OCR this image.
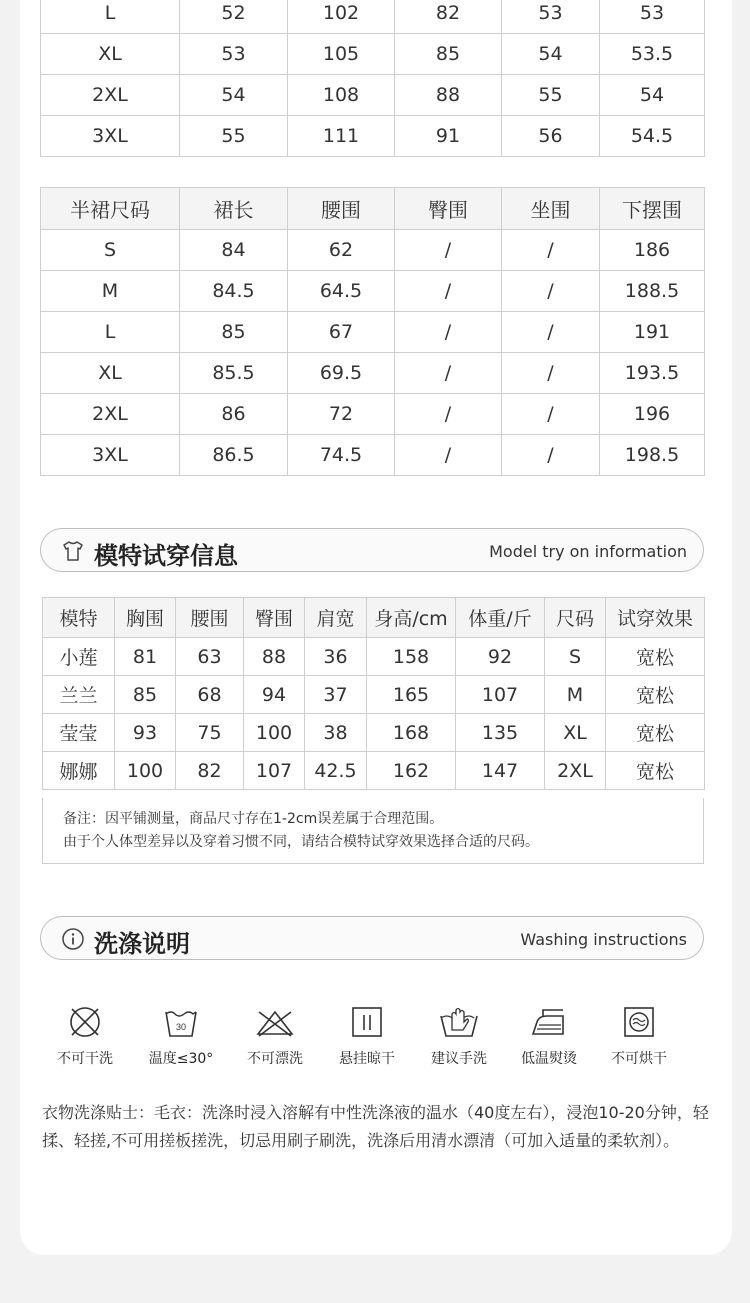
L	52	102	82	53	53
XL	53	105	85	54	53.5
2XL	54	108	88	55	54
3XL	55	111	91	56	54.5
半裙尺码	裙长	腰围	臀围	坐围	下摆围
S	84	62	/	/	186
M	84.5	64.5	/	/	188.5
L	85	67	/	/	191
XL	85.5	69.5	/	/	193.5
2XL	86	72	/	/	196
3XL	86.5	74.5	/	/	198.5
模特试穿信息	Model try on information
模特	胸围	腰围	臀围	肩宽	身高/cm	体重/斤	尺码	试穿效果
小莲	81	63	88	36	158	92	S	宽松
兰兰	85	68	94	37	165	107	M	宽松
莹莹	93	75	100	38	168	135	XL	宽松
娜娜	100	82	107	42.5	162	147	2XL	宽松
备注：因平铺测量，商品尺寸存在1-2cm误差属于合理范围。
由于个人体型差异以及穿着习惯不同，请结合模特试穿效果选择合适的尺码。
洗涤说明	Washing instructions
不可干洗
30
温度≤30°	不可漂洗	悬挂晾干	建议手洗	低温熨烫	不可烘干
衣物洗涤贴士：毛衣：洗涤时浸入溶解有中性洗涤液的温水（40度左右），浸泡10-20分钟，轻揉、轻搓,不可用搓板搓洗，切忌用刷子刷洗，洗涤后用清水漂清（可加入适量的柔软剂）。
